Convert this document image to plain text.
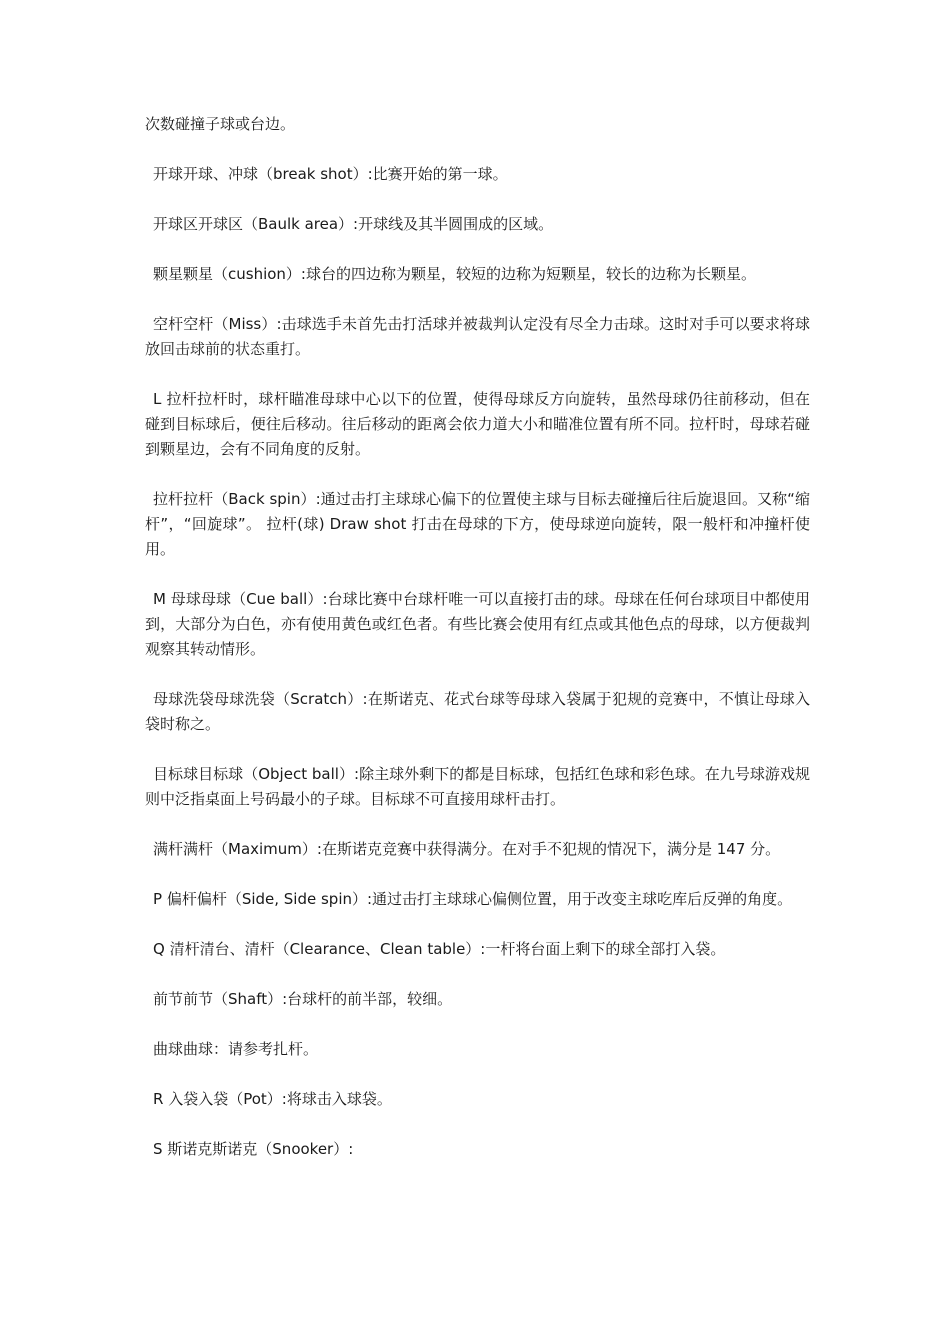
次数碰撞子球或台边。

开球开球、冲球（break shot）:比赛开始的第一球。

开球区开球区（Baulk area）:开球线及其半圆围成的区域。

颗星颗星（cushion）:球台的四边称为颗星，较短的边称为短颗星，较长的边称为长颗星。

空杆空杆（Miss）:击球选手未首先击打活球并被裁判认定没有尽全力击球。这时对手可以要求将球放回击球前的状态重打。

L 拉杆拉杆时，球杆瞄准母球中心以下的位置，使得母球反方向旋转，虽然母球仍往前移动，但在碰到目标球后，便往后移动。往后移动的距离会依力道大小和瞄准位置有所不同。拉杆时，母球若碰到颗星边，会有不同角度的反射。

拉杆拉杆（Back spin）:通过击打主球球心偏下的位置使主球与目标去碰撞后往后旋退回。又称“缩杆”，“回旋球”。 拉杆(球) Draw shot 打击在母球的下方，使母球逆向旋转，限一般杆和冲撞杆使用。

M 母球母球（Cue ball）:台球比赛中台球杆唯一可以直接打击的球。母球在任何台球项目中都使用到，大部分为白色，亦有使用黄色或红色者。有些比赛会使用有红点或其他色点的母球，以方便裁判观察其转动情形。

母球洗袋母球洗袋（Scratch）:在斯诺克、花式台球等母球入袋属于犯规的竞赛中，不慎让母球入袋时称之。

目标球目标球（Object ball）:除主球外剩下的都是目标球，包括红色球和彩色球。在九号球游戏规则中泛指桌面上号码最小的子球。目标球不可直接用球杆击打。

满杆满杆（Maximum）:在斯诺克竞赛中获得满分。在对手不犯规的情况下，满分是 147 分。

P 偏杆偏杆（Side, Side spin）:通过击打主球球心偏侧位置，用于改变主球吃库后反弹的角度。

Q 清杆清台、清杆（Clearance、Clean table）:一杆将台面上剩下的球全部打入袋。

前节前节（Shaft）:台球杆的前半部，较细。

曲球曲球：请参考扎杆。

R 入袋入袋（Pot）:将球击入球袋。

S 斯诺克斯诺克（Snooker）:
